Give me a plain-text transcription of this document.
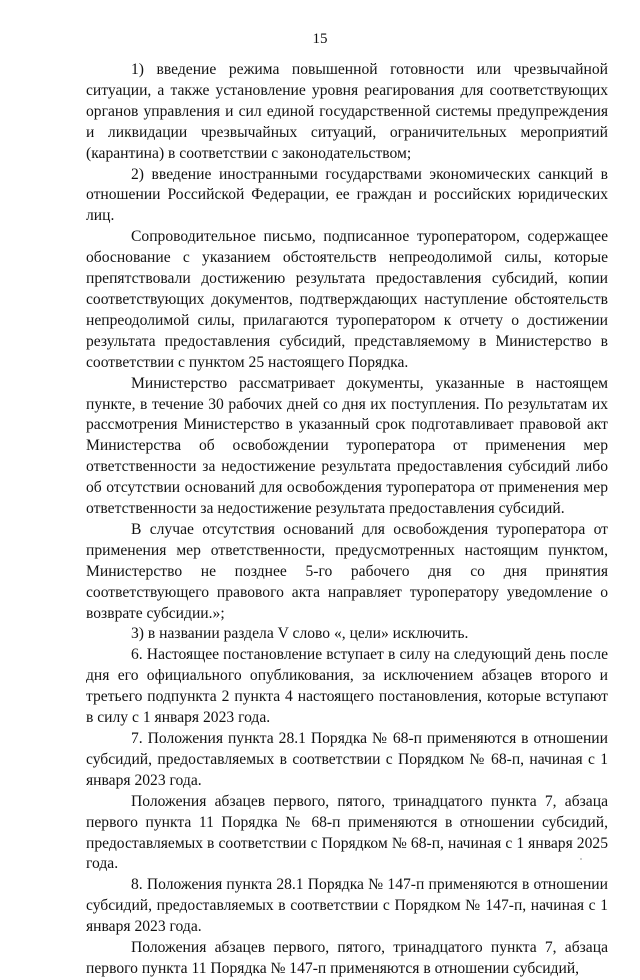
15

1) введение режима повышенной готовности или чрезвычайной ситуации, а также установление уровня реагирования для соответствующих органов управления и сил единой государственной системы предупреждения и ликвидации чрезвычайных ситуаций, ограничительных мероприятий (карантина) в соответствии с законодательством;

2) введение иностранными государствами экономических санкций в отношении Российской Федерации, ее граждан и российских юридических лиц.

Сопроводительное письмо, подписанное туроператором, содержащее обоснование с указанием обстоятельств непреодолимой силы, которые препятствовали достижению результата предоставления субсидий, копии соответствующих документов, подтверждающих наступление обстоятельств непреодолимой силы, прилагаются туроператором к отчету о достижении результата предоставления субсидий, представляемому в Министерство в соответствии с пунктом 25 настоящего Порядка.

Министерство рассматривает документы, указанные в настоящем пункте, в течение 30 рабочих дней со дня их поступления. По результатам их рассмотрения Министерство в указанный срок подготавливает правовой акт Министерства об освобождении туроператора от применения мер ответственности за недостижение результата предоставления субсидий либо об отсутствии оснований для освобождения туроператора от применения мер ответственности за недостижение результата предоставления субсидий.

В случае отсутствия оснований для освобождения туроператора от применения мер ответственности, предусмотренных настоящим пунктом, Министерство не позднее 5-го рабочего дня со дня принятия соответствующего правового акта направляет туроператору уведомление о возврате субсидии.»;

3) в названии раздела V слово «, цели» исключить.

6. Настоящее постановление вступает в силу на следующий день после дня его официального опубликования, за исключением абзацев второго и третьего подпункта 2 пункта 4 настоящего постановления, которые вступают в силу с 1 января 2023 года.

7. Положения пункта 28.1 Порядка № 68-п применяются в отношении субсидий, предоставляемых в соответствии с Порядком № 68-п, начиная с 1 января 2023 года.

Положения абзацев первого, пятого, тринадцатого пункта 7, абзаца первого пункта 11 Порядка № 68-п применяются в отношении субсидий, предоставляемых в соответствии с Порядком № 68-п, начиная с 1 января 2025 года.

8. Положения пункта 28.1 Порядка № 147-п применяются в отношении субсидий, предоставляемых в соответствии с Порядком № 147-п, начиная с 1 января 2023 года.

Положения абзацев первого, пятого, тринадцатого пункта 7, абзаца первого пункта 11 Порядка № 147-п применяются в отношении субсидий,
